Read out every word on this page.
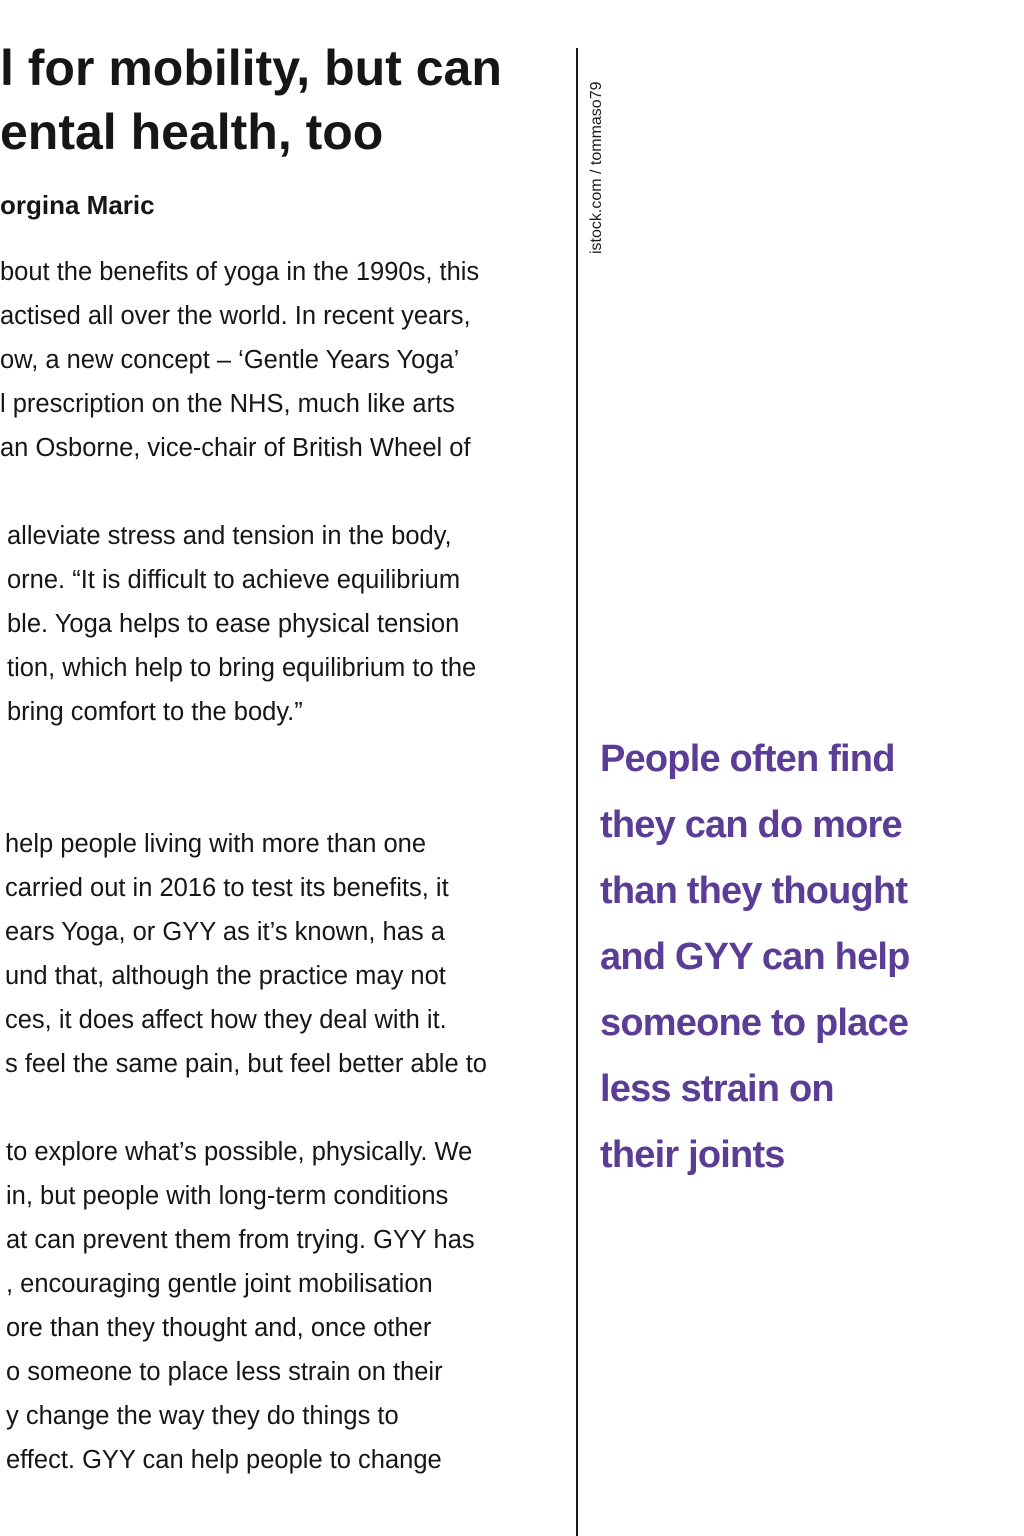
l for mobility, but can
ental health, too
orgina Maric
bout the benefits of yoga in the 1990s, this
actised all over the world. In recent years,
ow, a new concept – ‘Gentle Years Yoga’
l prescription on the NHS, much like arts
an Osborne, vice-chair of British Wheel of
alleviate stress and tension in the body,
orne. “It is difficult to achieve equilibrium
ble. Yoga helps to ease physical tension
tion, which help to bring equilibrium to the
bring comfort to the body.”
help people living with more than one
carried out in 2016 to test its benefits, it
ears Yoga, or GYY as it’s known, has a
und that, although the practice may not
ces, it does affect how they deal with it.
s feel the same pain, but feel better able to
to explore what’s possible, physically. We
in, but people with long-term conditions
at can prevent them from trying. GYY has
, encouraging gentle joint mobilisation
ore than they thought and, once other
o someone to place less strain on their
y change the way they do things to
effect. GYY can help people to change
istock.com / tommaso79
People often find
they can do more
than they thought
and GYY can help
someone to place
less strain on
their joints
